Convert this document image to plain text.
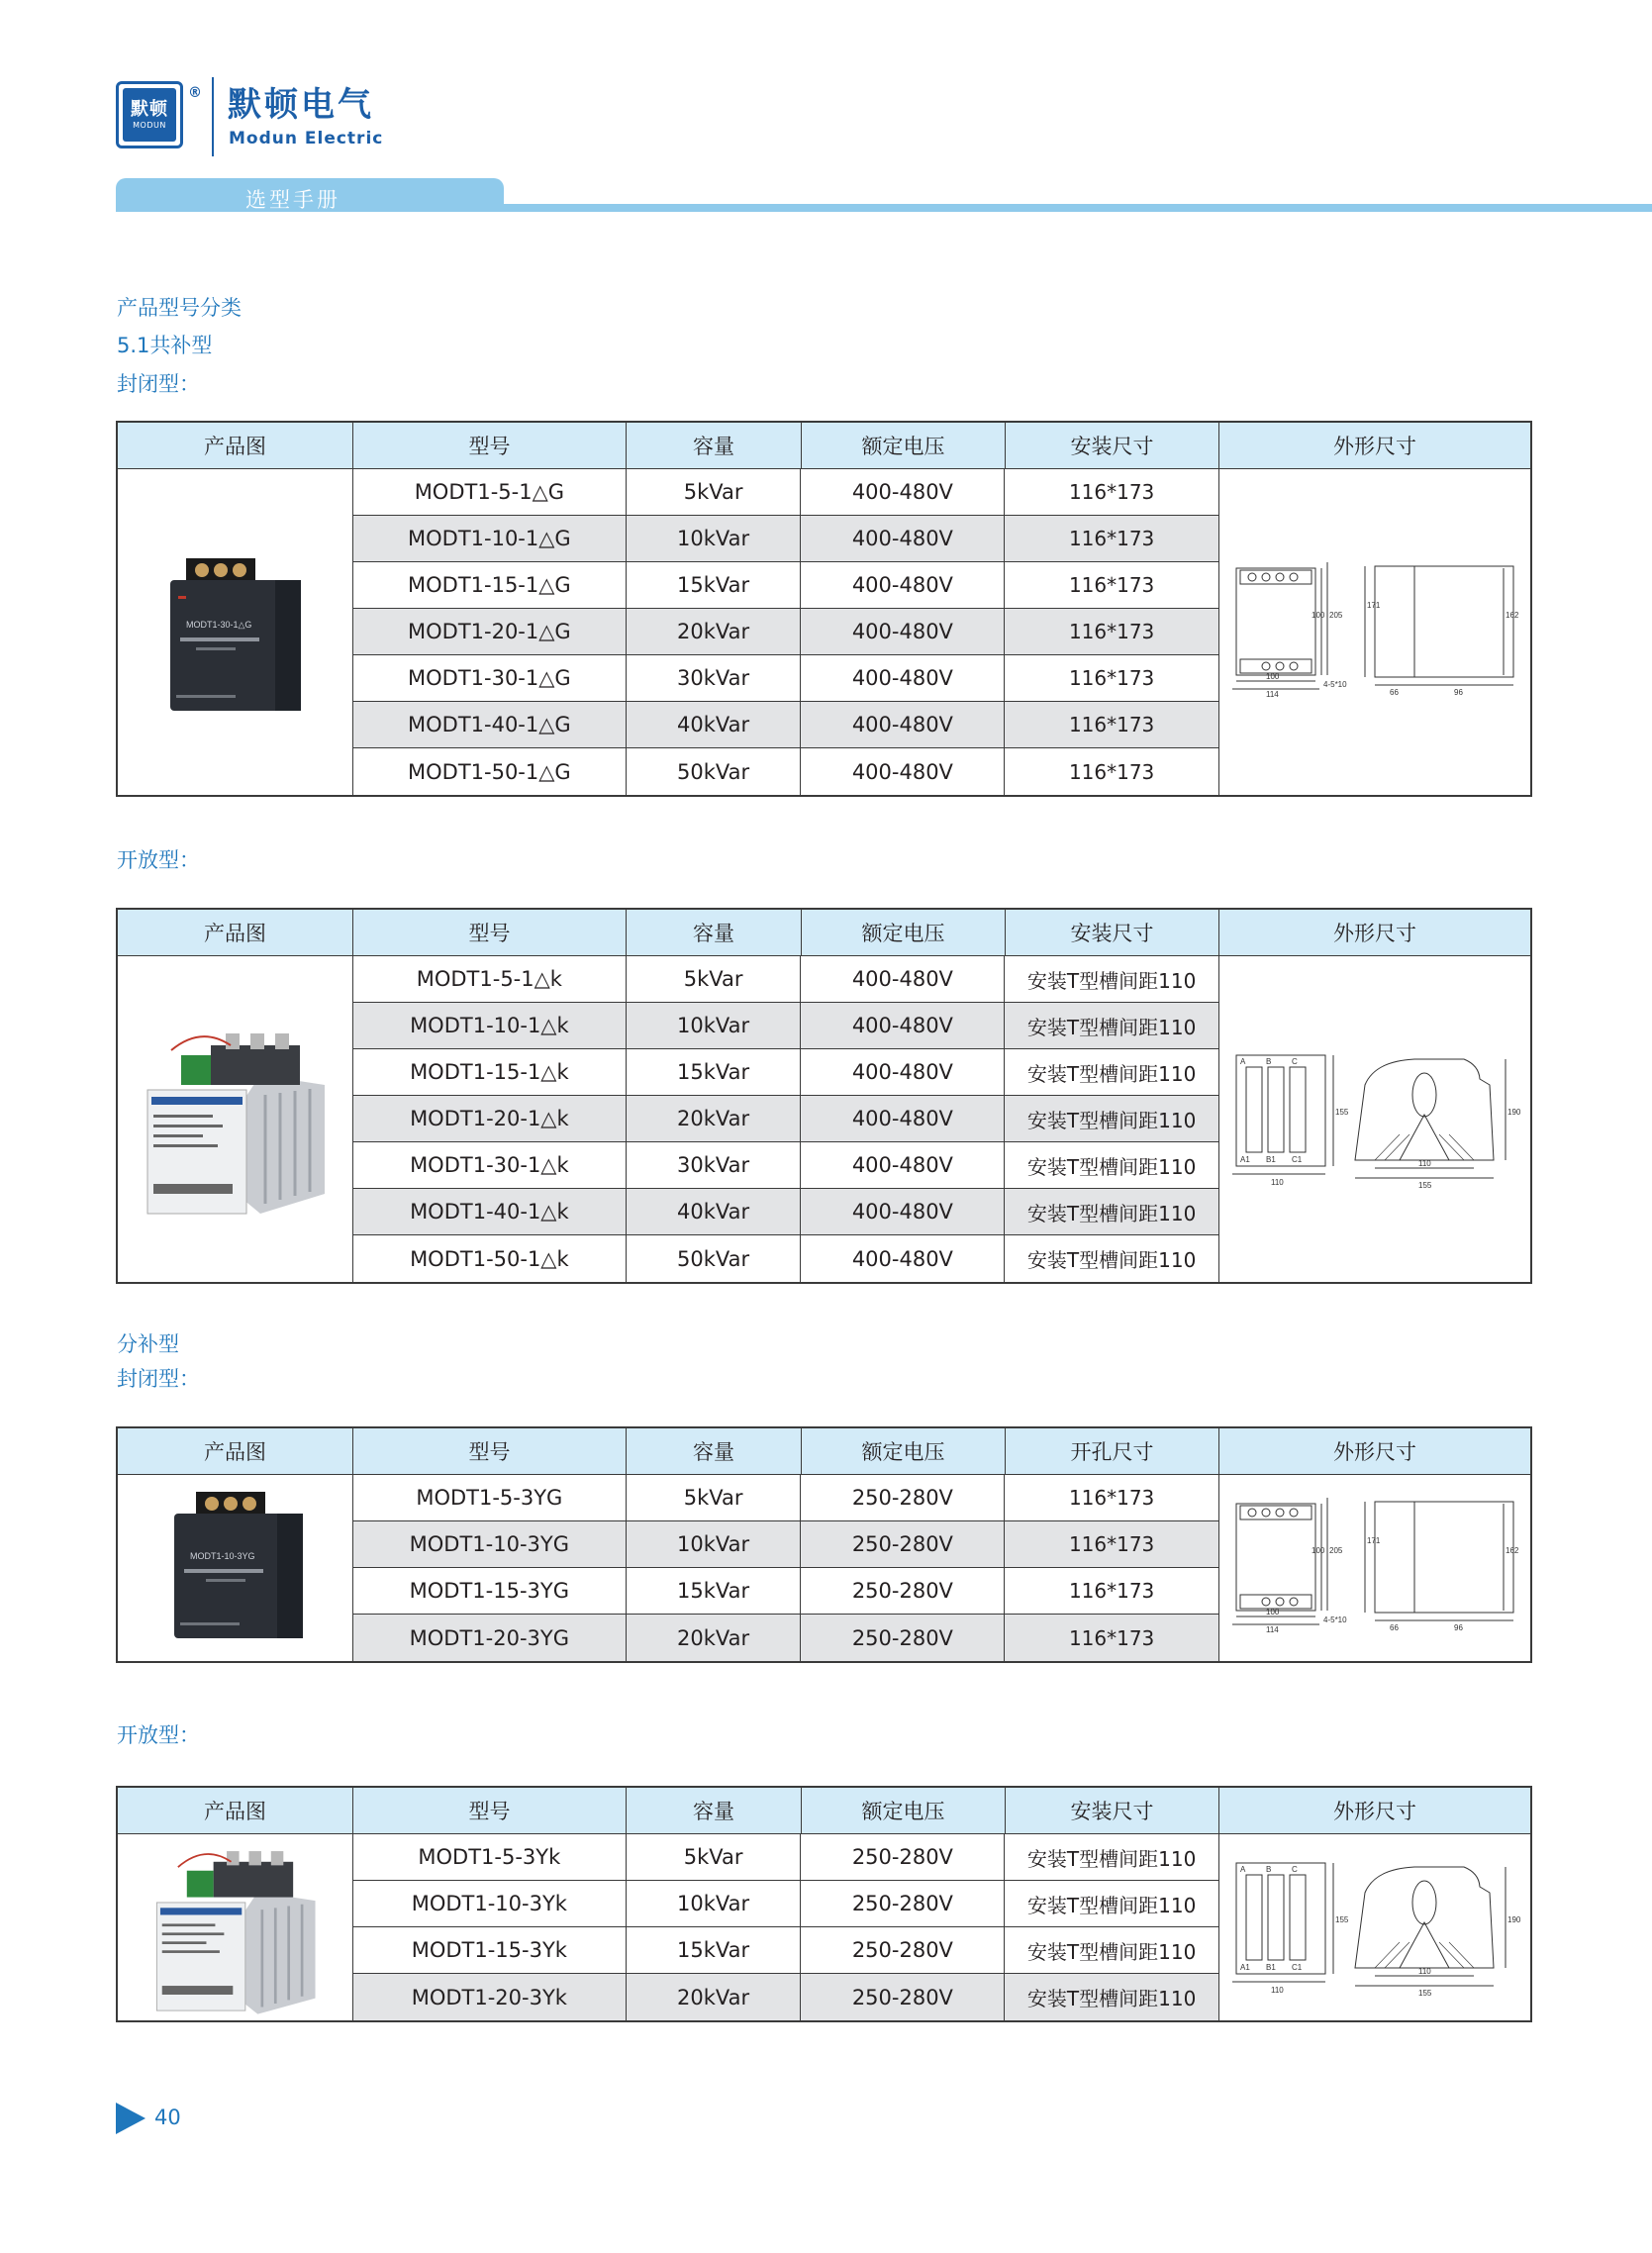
默顿
MODUN
® 默顿电气
Modun Electric
选型手册
产品型号分类
5.1共补型
封闭型：
产品图	型号	容量	额定电压	安装尺寸	外形尺寸
MODT1-30-1△G
MODT1-5-1△G	5kVar	400-480V	116*173
MODT1-10-1△G	10kVar	400-480V	116*173
MODT1-15-1△G	15kVar	400-480V	116*173
MODT1-20-1△G	20kVar	400-480V	116*173
MODT1-30-1△G	30kVar	400-480V	116*173
MODT1-40-1△G	40kVar	400-480V	116*173
MODT1-50-1△G	50kVar	400-480V	116*173
100
114
4-5*10
100 205
171
66	96
162
开放型：
产品图	型号	容量	额定电压	安装尺寸	外形尺寸
MODT1-5-1△k	5kVar	400-480V	安装T型槽间距110
MODT1-10-1△k	10kVar	400-480V	安装T型槽间距110
MODT1-15-1△k	15kVar	400-480V	安装T型槽间距110
MODT1-20-1△k	20kVar	400-480V	安装T型槽间距110
MODT1-30-1△k	30kVar	400-480V	安装T型槽间距110
MODT1-40-1△k	40kVar	400-480V	安装T型槽间距110
MODT1-50-1△k	50kVar	400-480V	安装T型槽间距110
A	B	C
A1 B1 C1
110
155
110
155
190
分补型
封闭型：
产品图	型号	容量	额定电压	开孔尺寸	外形尺寸
MODT1-10-3YG
MODT1-5-3YG	5kVar	250-280V	116*173
MODT1-10-3YG	10kVar	250-280V	116*173
MODT1-15-3YG	15kVar	250-280V	116*173
MODT1-20-3YG	20kVar	250-280V	116*173
100
114
4-5*10
100 205
171
66	96
162
开放型：
产品图	型号	容量	额定电压	安装尺寸	外形尺寸
MODT1-5-3Yk	5kVar	250-280V	安装T型槽间距110
MODT1-10-3Yk	10kVar	250-280V	安装T型槽间距110
MODT1-15-3Yk	15kVar	250-280V	安装T型槽间距110
MODT1-20-3Yk	20kVar	250-280V	安装T型槽间距110
A	B	C
A1 B1 C1
110
155
110
155
190
40
